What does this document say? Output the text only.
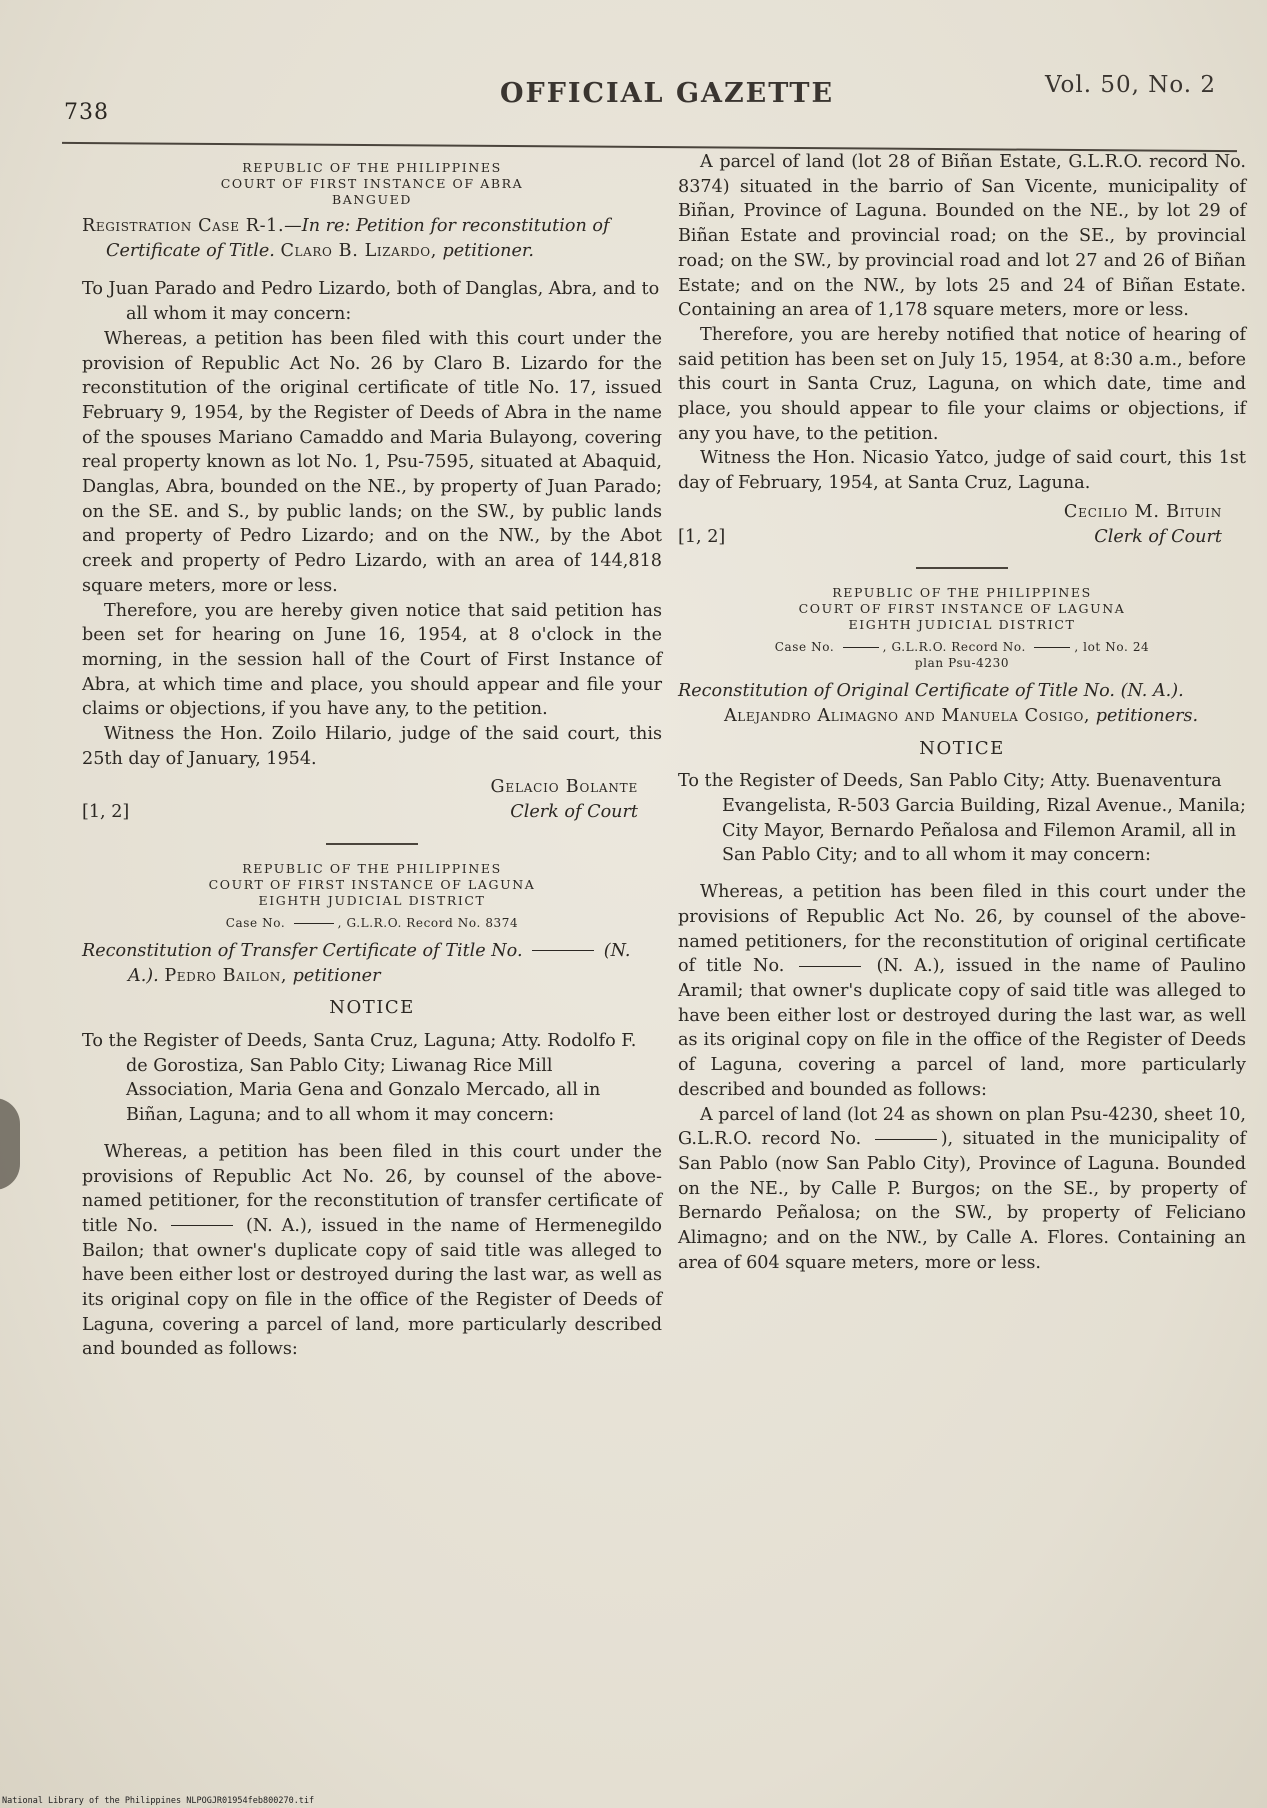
738
OFFICIAL GAZETTE	Vol. 50, No. 2
REPUBLIC OF THE PHILIPPINES
COURT OF FIRST INSTANCE OF ABRA
BANGUED
Registration Case R-1.—In re: Petition for reconstitution of Certificate of Title. Claro B. Lizardo, petitioner.
To Juan Parado and Pedro Lizardo, both of Danglas, Abra, and to all whom it may concern:

Whereas, a petition has been filed with this court under the provision of Republic Act No. 26 by Claro B. Lizardo for the reconstitution of the original certificate of title No. 17, issued February 9, 1954, by the Register of Deeds of Abra in the name of the spouses Mariano Camaddo and Maria Bulayong, covering real property known as lot No. 1, Psu-7595, situated at Abaquid, Danglas, Abra, bounded on the NE., by property of Juan Parado; on the SE. and S., by public lands; on the SW., by public lands and property of Pedro Lizardo; and on the NW., by the Abot creek and property of Pedro Lizardo, with an area of 144,818 square meters, more or less.

Therefore, you are hereby given notice that said petition has been set for hearing on June 16, 1954, at 8 o'clock in the morning, in the session hall of the Court of First Instance of Abra, at which time and place, you should appear and file your claims or objections, if you have any, to the petition.

Witness the Hon. Zoilo Hilario, judge of the said court, this 25th day of January, 1954.

[1, 2]
Gelacio Bolante
Clerk of Court
REPUBLIC OF THE PHILIPPINES
COURT OF FIRST INSTANCE OF LAGUNA
EIGHTH JUDICIAL DISTRICT
Case No.	, G.L.R.O. Record No. 8374
Reconstitution of Transfer Certificate of Title No.	(N. A.). Pedro Bailon, petitioner
NOTICE
To the Register of Deeds, Santa Cruz, Laguna; Atty. Rodolfo F. de Gorostiza, San Pablo City; Liwanag Rice Mill Association, Maria Gena and Gonzalo Mercado, all in Biñan, Laguna; and to all whom it may concern:

Whereas, a petition has been filed in this court under the provisions of Republic Act No. 26, by counsel of the above-named petitioner, for the reconstitution of transfer certificate of title No.	(N. A.), issued in the name of Hermenegildo Bailon; that owner's duplicate copy of said title was alleged to have been either lost or destroyed during the last war, as well as its original copy on file in the office of the Register of Deeds of Laguna, covering a parcel of land, more particularly described and bounded as follows:

A parcel of land (lot 28 of Biñan Estate, G.L.R.O. record No. 8374) situated in the barrio of San Vicente, municipality of Biñan, Province of Laguna. Bounded on the NE., by lot 29 of Biñan Estate and provincial road; on the SE., by provincial road; on the SW., by provincial road and lot 27 and 26 of Biñan Estate; and on the NW., by lots 25 and 24 of Biñan Estate. Containing an area of 1,178 square meters, more or less.

Therefore, you are hereby notified that notice of hearing of said petition has been set on July 15, 1954, at 8:30 a.m., before this court in Santa Cruz, Laguna, on which date, time and place, you should appear to file your claims or objections, if any you have, to the petition.

Witness the Hon. Nicasio Yatco, judge of said court, this 1st day of February, 1954, at Santa Cruz, Laguna.

[1, 2]
Cecilio M. Bituin
Clerk of Court
REPUBLIC OF THE PHILIPPINES
COURT OF FIRST INSTANCE OF LAGUNA
EIGHTH JUDICIAL DISTRICT
Case No.	, G.L.R.O. Record No.	, lot No. 24
plan Psu-4230
Reconstitution of Original Certificate of Title No. (N. A.). Alejandro Alimagno and Manuela Cosigo, petitioners.
NOTICE
To the Register of Deeds, San Pablo City; Atty. Buenaventura Evangelista, R-503 Garcia Building, Rizal Avenue., Manila; City Mayor, Bernardo Peñalosa and Filemon Aramil, all in San Pablo City; and to all whom it may concern:

Whereas, a petition has been filed in this court under the provisions of Republic Act No. 26, by counsel of the above-named petitioners, for the reconstitution of original certificate of title No.	(N. A.), issued in the name of Paulino Aramil; that owner's duplicate copy of said title was alleged to have been either lost or destroyed during the last war, as well as its original copy on file in the office of the Register of Deeds of Laguna, covering a parcel of land, more particularly described and bounded as follows:

A parcel of land (lot 24 as shown on plan Psu-4230, sheet 10, G.L.R.O. record No.	), situated in the municipality of San Pablo (now San Pablo City), Province of Laguna. Bounded on the NE., by Calle P. Burgos; on the SE., by property of Bernardo Peñalosa; on the SW., by property of Feliciano Alimagno; and on the NW., by Calle A. Flores. Containing an area of 604 square meters, more or less.

National Library of the Philippines NLPOGJR01954feb800270.tif
